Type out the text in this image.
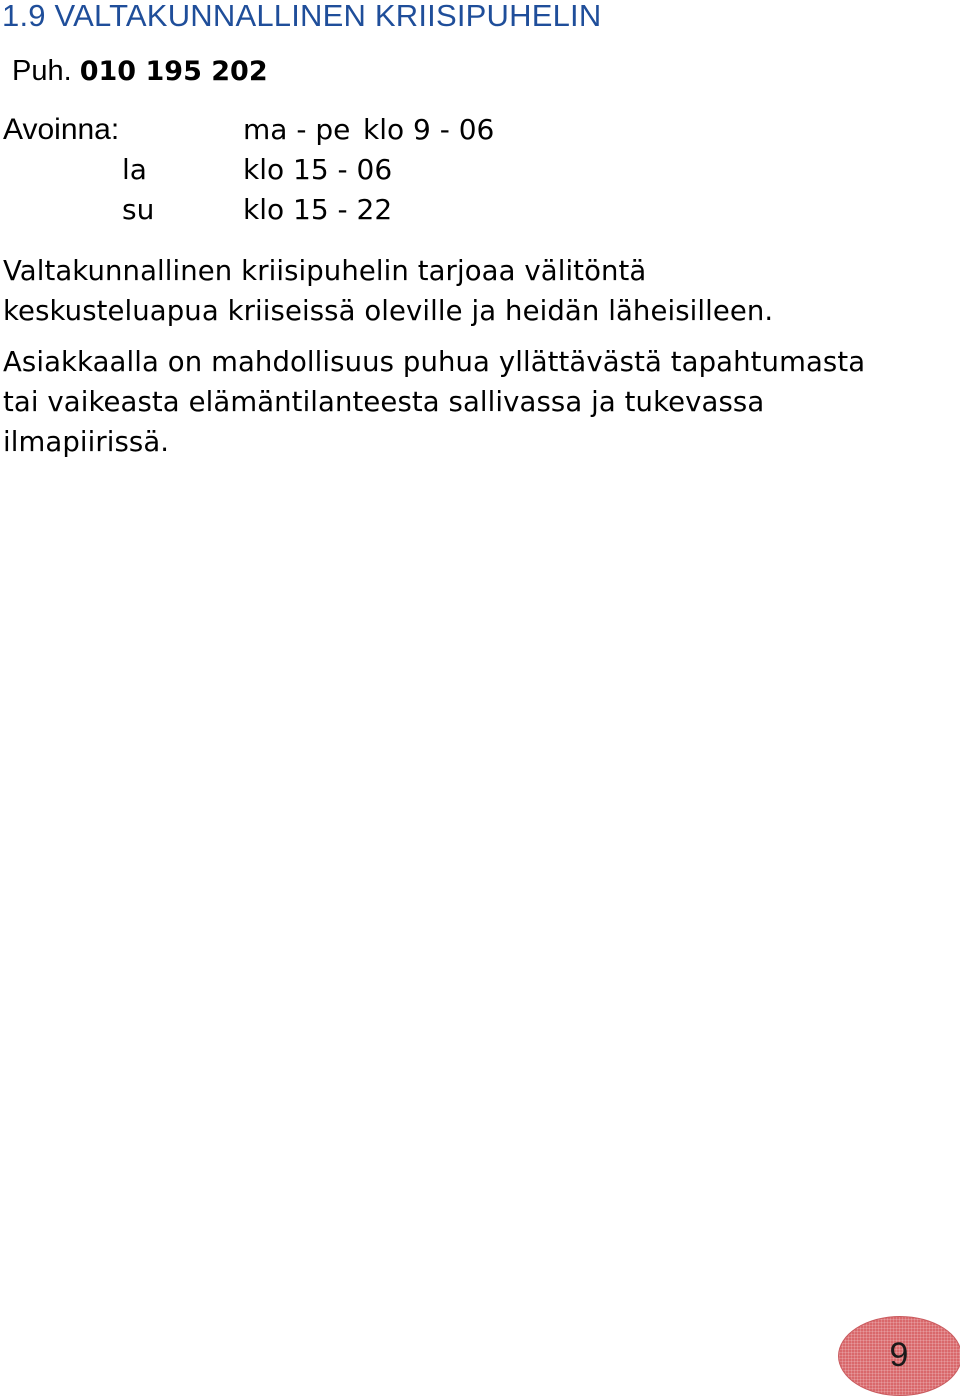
1.9 VALTAKUNNALLINEN KRIISIPUHELIN
Puh. 010 195 202
Avoinna:	ma - pe klo 9 - 06
la	klo 15 - 06
su	klo 15 - 22
Valtakunnallinen kriisipuhelin tarjoaa välitöntä
keskusteluapua kriiseissä oleville ja heidän läheisilleen.
Asiakkaalla on mahdollisuus puhua yllättävästä tapahtumasta
tai vaikeasta elämäntilanteesta sallivassa ja tukevassa
ilmapiirissä.
9
